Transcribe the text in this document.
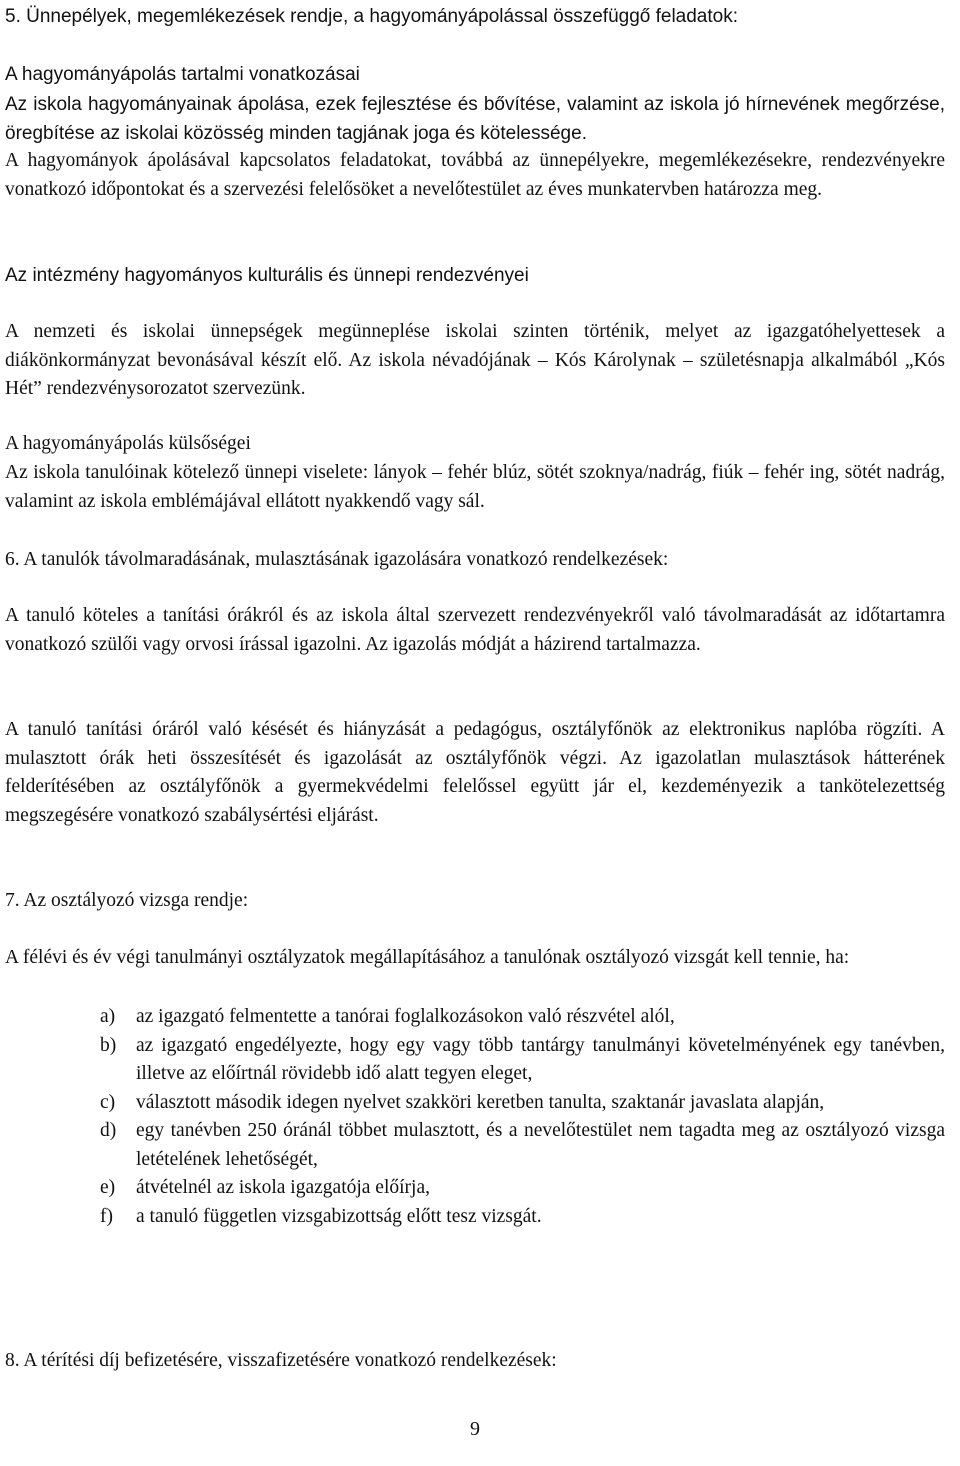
5. Ünnepélyek, megemlékezések rendje, a hagyományápolással összefüggő feladatok:

A hagyományápolás tartalmi vonatkozásai

Az iskola hagyományainak ápolása, ezek fejlesztése és bővítése, valamint az iskola jó hírnevének megőrzése, öregbítése az iskolai közösség minden tagjának joga és kötelessége.

A hagyományok ápolásával kapcsolatos feladatokat, továbbá az ünnepélyekre, megemlékezésekre, rendezvényekre vonatkozó időpontokat és a szervezési felelősöket a nevelőtestület az éves munkatervben határozza meg.

Az intézmény hagyományos kulturális és ünnepi rendezvényei

A nemzeti és iskolai ünnepségek megünneplése iskolai szinten történik, melyet az igazgatóhelyettesek a diákönkormányzat bevonásával készít elő. Az iskola névadójának – Kós Károlynak – születésnapja alkalmából „Kós Hét” rendezvénysorozatot szervezünk.

A hagyományápolás külsőségei

Az iskola tanulóinak kötelező ünnepi viselete: lányok – fehér blúz, sötét szoknya/nadrág, fiúk – fehér ing, sötét nadrág, valamint az iskola emblémájával ellátott nyakkendő vagy sál.

6. A tanulók távolmaradásának, mulasztásának igazolására vonatkozó rendelkezések:

A tanuló köteles a tanítási órákról és az iskola által szervezett rendezvényekről való távolmaradását az időtartamra vonatkozó szülői vagy orvosi írással igazolni. Az igazolás módját a házirend tartalmazza.

A tanuló tanítási óráról való késését és hiányzását a pedagógus, osztályfőnök az elektronikus naplóba rögzíti. A mulasztott órák heti összesítését és igazolását az osztályfőnök végzi. Az igazolatlan mulasztások hátterének felderítésében az osztályfőnök a gyermekvédelmi felelőssel együtt jár el, kezdeményezik a tankötelezettség megszegésére vonatkozó szabálysértési eljárást.

7. Az osztályozó vizsga rendje:

A félévi és év végi tanulmányi osztályzatok megállapításához a tanulónak osztályozó vizsgát kell tennie, ha:

a) az igazgató felmentette a tanórai foglalkozásokon való részvétel alól,
b) az igazgató engedélyezte, hogy egy vagy több tantárgy tanulmányi követelményének egy tanévben, illetve az előírtnál rövidebb idő alatt tegyen eleget,
c) választott második idegen nyelvet szakköri keretben tanulta, szaktanár javaslata alapján,
d) egy tanévben 250 óránál többet mulasztott, és a nevelőtestület nem tagadta meg az osztályozó vizsga letételének lehetőségét,
e) átvételnél az iskola igazgatója előírja,
f) a tanuló független vizsgabizottság előtt tesz vizsgát.

8. A térítési díj befizetésére, visszafizetésére vonatkozó rendelkezések:

9
